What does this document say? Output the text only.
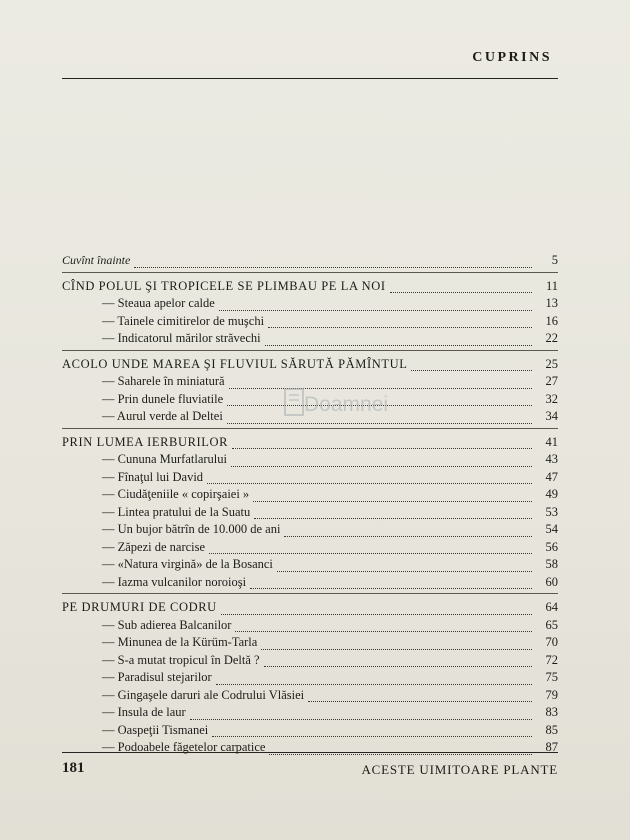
CUPRINS
Cuvînt înainte	5
CÎND POLUL ŞI TROPICELE SE PLIMBAU PE LA NOI	11
— Steaua apelor calde	13
— Tainele cimitirelor de muşchi	16
— Indicatorul mărilor străvechi	22
ACOLO UNDE MAREA ŞI FLUVIUL SĂRUTĂ PĂMÎNTUL	25
— Saharele în miniatură	27
— Prin dunele fluviatile	32
— Aurul verde al Deltei	34
PRIN LUMEA IERBURILOR	41
— Cununa Murfatlarului	43
— Fînaţul lui David	47
— Ciudăţeniile « copirşaiei »	49
— Lintea pratului de la Suatu	53
— Un bujor bătrîn de 10.000 de ani	54
— Zăpezi de narcise	56
— «Natura virgină» de la Bosanci	58
— Iazma vulcanilor noroioşi	60
PE DRUMURI DE CODRU	64
— Sub adierea Balcanilor	65
— Minunea de la Kürüm-Tarla	70
— S-a mutat tropicul în Deltă ?	72
— Paradisul stejarilor	75
— Gingaşele daruri ale Codrului Vlăsiei	79
— Insula de laur	83
— Oaspeţii Tismanei	85
— Podoabele făgetelor carpatice	87
Doamnei
181	ACESTE UIMITOARE PLANTE
